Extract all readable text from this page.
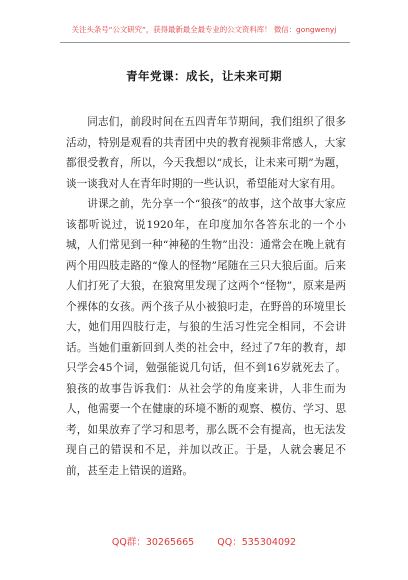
关注头条号“公文研究”，获得最新最全最专业的公文资料库！ 微信：gongwenyj
青年党课：成长，让未来可期

同志们，前段时间在五四青年节期间，我们组织了很多活动，特别是观看的共青团中央的教育视频非常感人，大家都很受教育，所以，今天我想以“成长，让未来可期”为题，谈一谈我对人在青年时期的一些认识，希望能对大家有用。

讲课之前，先分享一个“狼孩”的故事，这个故事大家应该都听说过，说1920年，在印度加尔各答东北的一个小城，人们常见到一种“神秘的生物”出没：通常会在晚上就有两个用四肢走路的“像人的怪物”尾随在三只大狼后面。后来人们打死了大狼，在狼窝里发现了这两个“怪物”，原来是两个裸体的女孩。两个孩子从小被狼叼走，在野兽的环境里长大，她们用四肢行走，与狼的生活习性完全相同，不会讲话。当她们重新回到人类的社会中，经过了7年的教育，却只学会45个词，勉强能说几句话，但不到16岁就死去了。狼孩的故事告诉我们：从社会学的角度来讲，人非生而为人，他需要一个在健康的环境不断的观察、模仿、学习、思考，如果放弃了学习和思考，那么既不会有提高，也无法发现自己的错误和不足，并加以改正。于是，人就会裹足不前，甚至走上错误的道路。

QQ群：30265665 QQ：535304092
